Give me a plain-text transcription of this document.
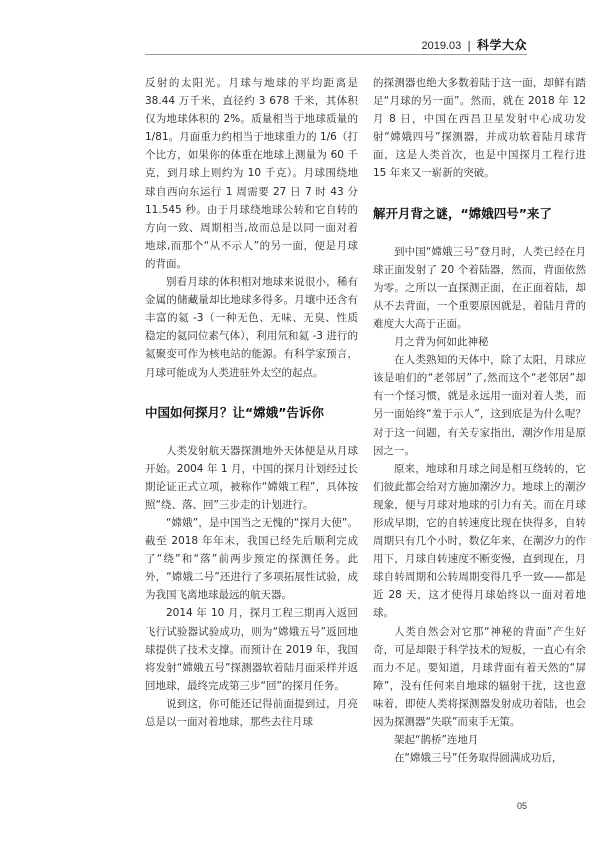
2019.03 | 科学大众

反射的太阳光。月球与地球的平均距离是 38.44 万千米，直径约 3 678 千米，其体积仅为地球体积的 2%。质量相当于地球质量的 1/81。月面重力约相当于地球重力的 1/6（打个比方，如果你的体重在地球上测量为 60 千克，到月球上则约为 10 千克）。月球围绕地球自西向东运行 1 周需要 27 日 7 时 43 分 11.545 秒。由于月球绕地球公转和它自转的方向一致、周期相当,故而总是以同一面对着地球,而那个“从不示人”的另一面，便是月球的背面。

别看月球的体积相对地球来说很小，稀有金属的储藏量却比地球多得多。月壤中还含有丰富的氦 -3（一种无色、无味、无臭、性质稳定的氦同位素气体），利用氘和氦 -3 进行的氦聚变可作为核电站的能源。有科学家预言，月球可能成为人类进驻外太空的起点。

中国如何探月？让“嫦娥”告诉你

人类发射航天器探测地外天体便是从月球开始。2004 年 1 月，中国的探月计划经过长期论证正式立项，被称作“嫦娥工程”，具体按照“绕、落、回”三步走的计划进行。

“嫦娥”，是中国当之无愧的“探月大使”。截至 2018 年年末，我国已经先后顺利完成了“绕”和“落”前两步预定的探测任务。此外，“嫦娥二号”还进行了多项拓展性试验，成为我国飞离地球最远的航天器。

2014 年 10 月，探月工程三期再入返回飞行试验器试验成功，则为“嫦娥五号”返回地球提供了技术支撑。而预计在 2019 年，我国将发射“嫦娥五号”探测器软着陆月面采样并返回地球，最终完成第三步“回”的探月任务。

说到这，你可能还记得前面提到过，月亮总是以一面对着地球，那些去往月球

的探测器也绝大多数着陆于这一面，却鲜有踏足“月球的另一面”。然而，就在 2018 年 12 月 8 日，中国在西昌卫星发射中心成功发射“嫦娥四号”探测器，并成功软着陆月球背面，这是人类首次，也是中国探月工程行进 15 年来又一崭新的突破。

解开月背之谜，“嫦娥四号”来了

到中国“嫦娥三号”登月时，人类已经在月球正面发射了 20 个着陆器，然而，背面依然为零。之所以一直探测正面，在正面着陆，却从不去背面，一个重要原因就是，着陆月背的难度大大高于正面。

月之背为何如此神秘

在人类熟知的天体中，除了太阳，月球应该是咱们的“老邻居”了,然而这个“老邻居”却有一个怪习惯，就是永远用一面对着人类，而另一面始终“羞于示人”，这到底是为什么呢？对于这一问题，有关专家指出，潮汐作用是原因之一。

原来，地球和月球之间是相互绕转的，它们彼此都会给对方施加潮汐力。地球上的潮汐现象，便与月球对地球的引力有关。而在月球形成早期，它的自转速度比现在快得多，自转周期只有几个小时，数亿年来，在潮汐力的作用下，月球自转速度不断变慢，直到现在，月球自转周期和公转周期变得几乎一致——都是近 28 天，这才使得月球始终以一面对着地球。

人类自然会对它那“神秘的背面”产生好奇，可是却限于科学技术的短板，一直心有余而力不足。要知道，月球背面有着天然的“屏障”，没有任何来自地球的辐射干扰，这也意味着，即使人类将探测器发射成功着陆，也会因为探测器“失联”而束手无策。

架起“鹊桥”连地月

在“嫦娥三号”任务取得圆满成功后，

05
